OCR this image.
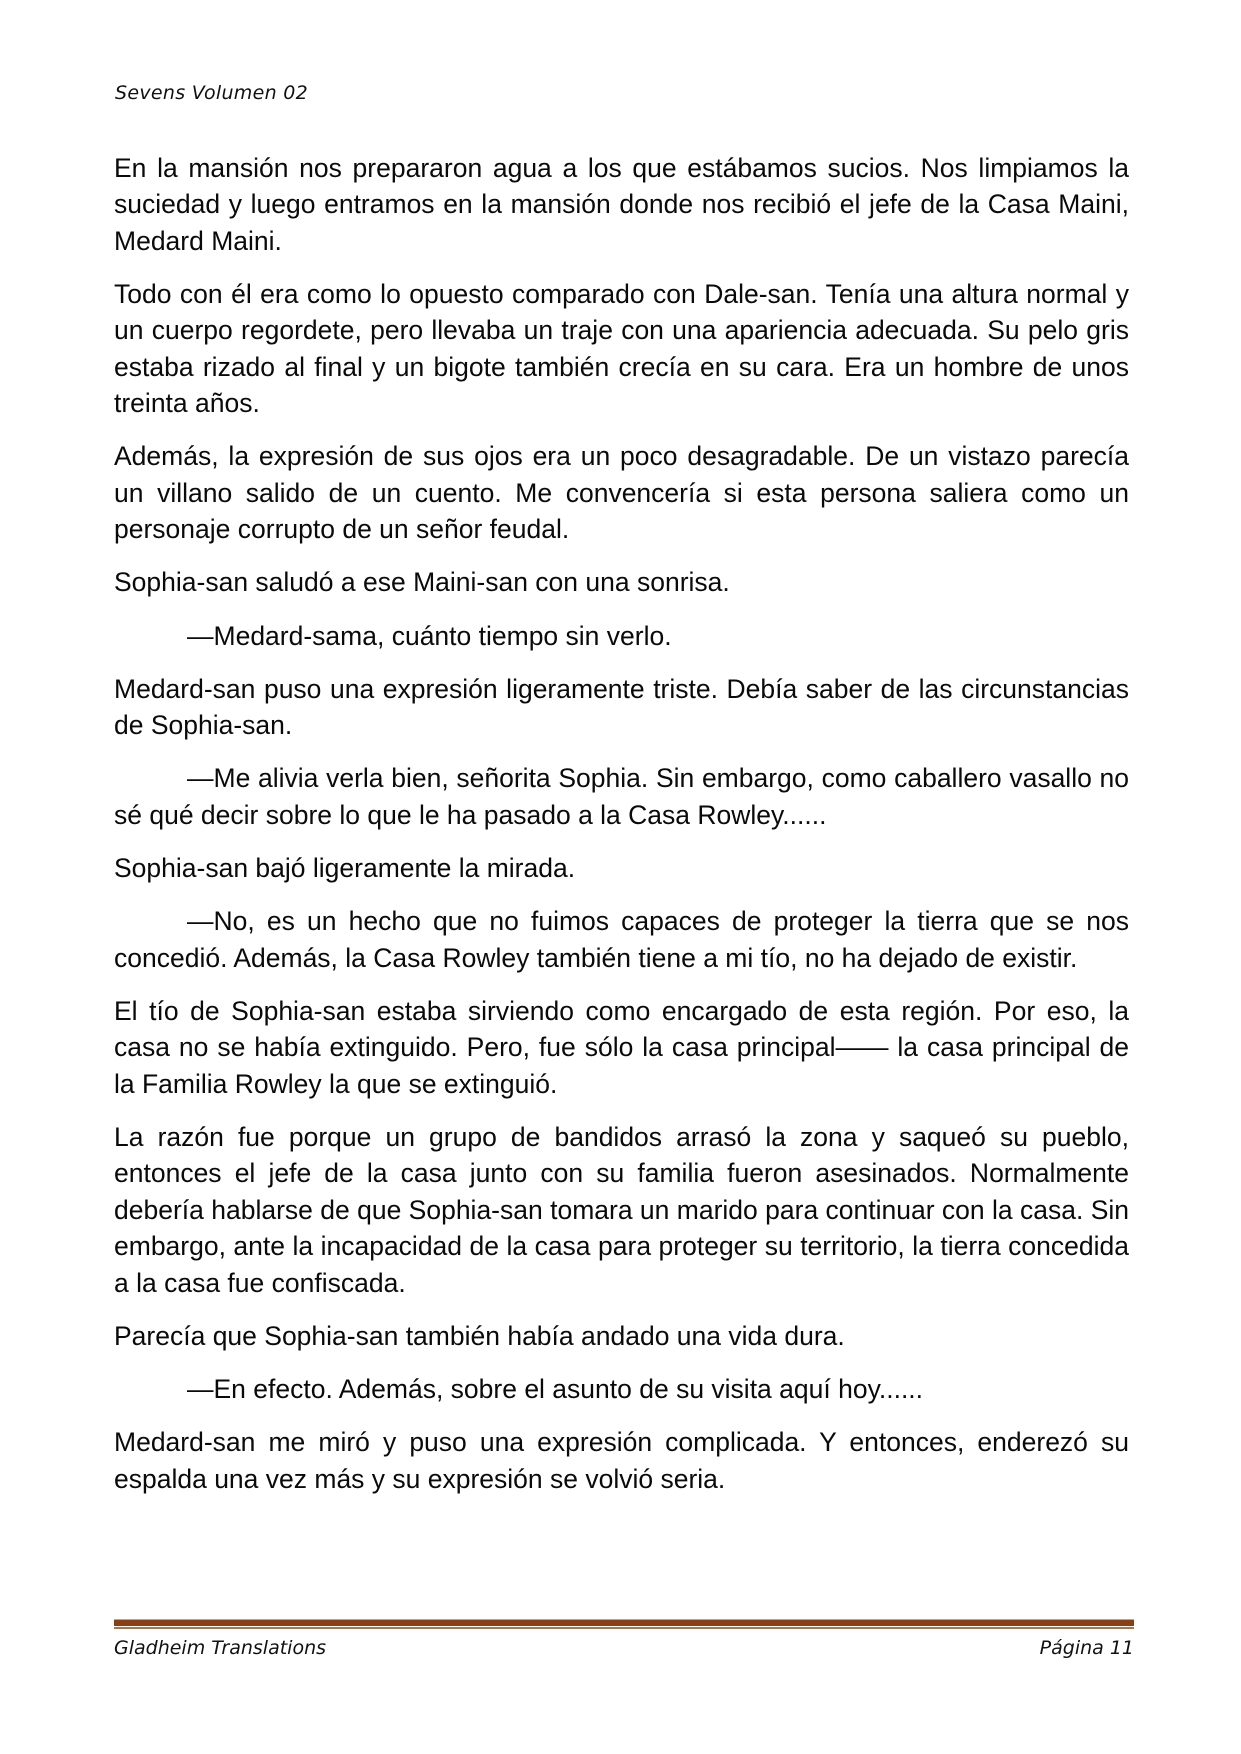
Sevens Volumen 02

En la mansión nos prepararon agua a los que estábamos sucios. Nos limpiamos la suciedad y luego entramos en la mansión donde nos recibió el jefe de la Casa Maini, Medard Maini.

Todo con él era como lo opuesto comparado con Dale-san. Tenía una altura normal y un cuerpo regordete, pero llevaba un traje con una apariencia adecuada. Su pelo gris estaba rizado al final y un bigote también crecía en su cara. Era un hombre de unos treinta años.

Además, la expresión de sus ojos era un poco desagradable. De un vistazo parecía un villano salido de un cuento. Me convencería si esta persona saliera como un personaje corrupto de un señor feudal.

Sophia-san saludó a ese Maini-san con una sonrisa.

—Medard-sama, cuánto tiempo sin verlo.

Medard-san puso una expresión ligeramente triste. Debía saber de las circunstancias de Sophia-san.

—Me alivia verla bien, señorita Sophia. Sin embargo, como caballero vasallo no sé qué decir sobre lo que le ha pasado a la Casa Rowley......

Sophia-san bajó ligeramente la mirada.

—No, es un hecho que no fuimos capaces de proteger la tierra que se nos concedió. Además, la Casa Rowley también tiene a mi tío, no ha dejado de existir.

El tío de Sophia-san estaba sirviendo como encargado de esta región. Por eso, la casa no se había extinguido. Pero, fue sólo la casa principal—— la casa principal de la Familia Rowley la que se extinguió.

La razón fue porque un grupo de bandidos arrasó la zona y saqueó su pueblo, entonces el jefe de la casa junto con su familia fueron asesinados. Normalmente debería hablarse de que Sophia-san tomara un marido para continuar con la casa. Sin embargo, ante la incapacidad de la casa para proteger su territorio, la tierra concedida a la casa fue confiscada.

Parecía que Sophia-san también había andado una vida dura.

—En efecto. Además, sobre el asunto de su visita aquí hoy......

Medard-san me miró y puso una expresión complicada. Y entonces, enderezó su espalda una vez más y su expresión se volvió seria.

Gladheim Translations	Página 11
